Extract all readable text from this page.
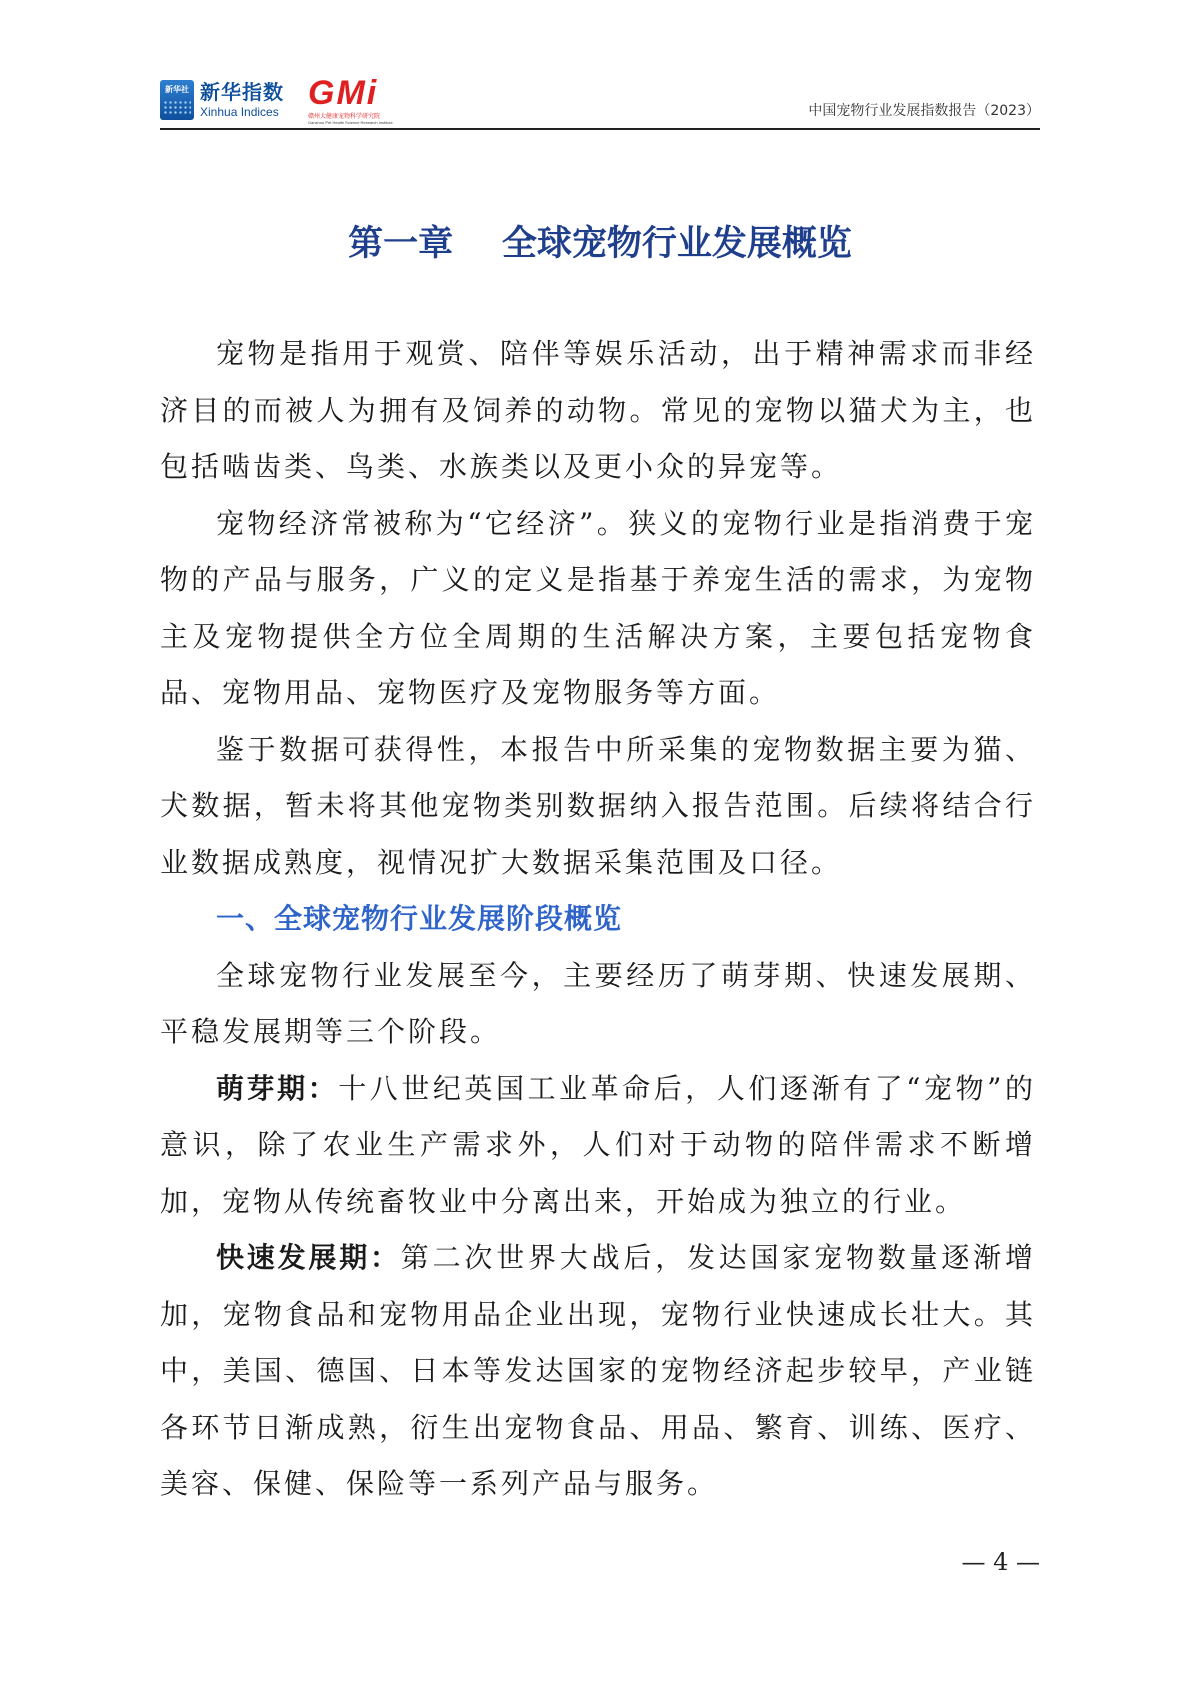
新华社 新华指数
Xinhua Indices GMi
赣州大健康宠物科学研究院
Ganzhou Pet Health Science Research Institute
中国宠物行业发展指数报告（2023）
第一章    全球宠物行业发展概览

宠物是指用于观赏、陪伴等娱乐活动，出于精神需求而非经济目的而被人为拥有及饲养的动物。常见的宠物以猫犬为主，也包括啮齿类、鸟类、水族类以及更小众的异宠等。

宠物经济常被称为“它经济”。狭义的宠物行业是指消费于宠物的产品与服务，广义的定义是指基于养宠生活的需求，为宠物主及宠物提供全方位全周期的生活解决方案，主要包括宠物食品、宠物用品、宠物医疗及宠物服务等方面。

鉴于数据可获得性，本报告中所采集的宠物数据主要为猫、犬数据，暂未将其他宠物类别数据纳入报告范围。后续将结合行业数据成熟度，视情况扩大数据采集范围及口径。

一、全球宠物行业发展阶段概览

全球宠物行业发展至今，主要经历了萌芽期、快速发展期、平稳发展期等三个阶段。

萌芽期：十八世纪英国工业革命后，人们逐渐有了“宠物”的意识，除了农业生产需求外，人们对于动物的陪伴需求不断增加，宠物从传统畜牧业中分离出来，开始成为独立的行业。

快速发展期：第二次世界大战后，发达国家宠物数量逐渐增加，宠物食品和宠物用品企业出现，宠物行业快速成长壮大。其中，美国、德国、日本等发达国家的宠物经济起步较早，产业链各环节日渐成熟，衍生出宠物食品、用品、繁育、训练、医疗、美容、保健、保险等一系列产品与服务。

— 4 —
